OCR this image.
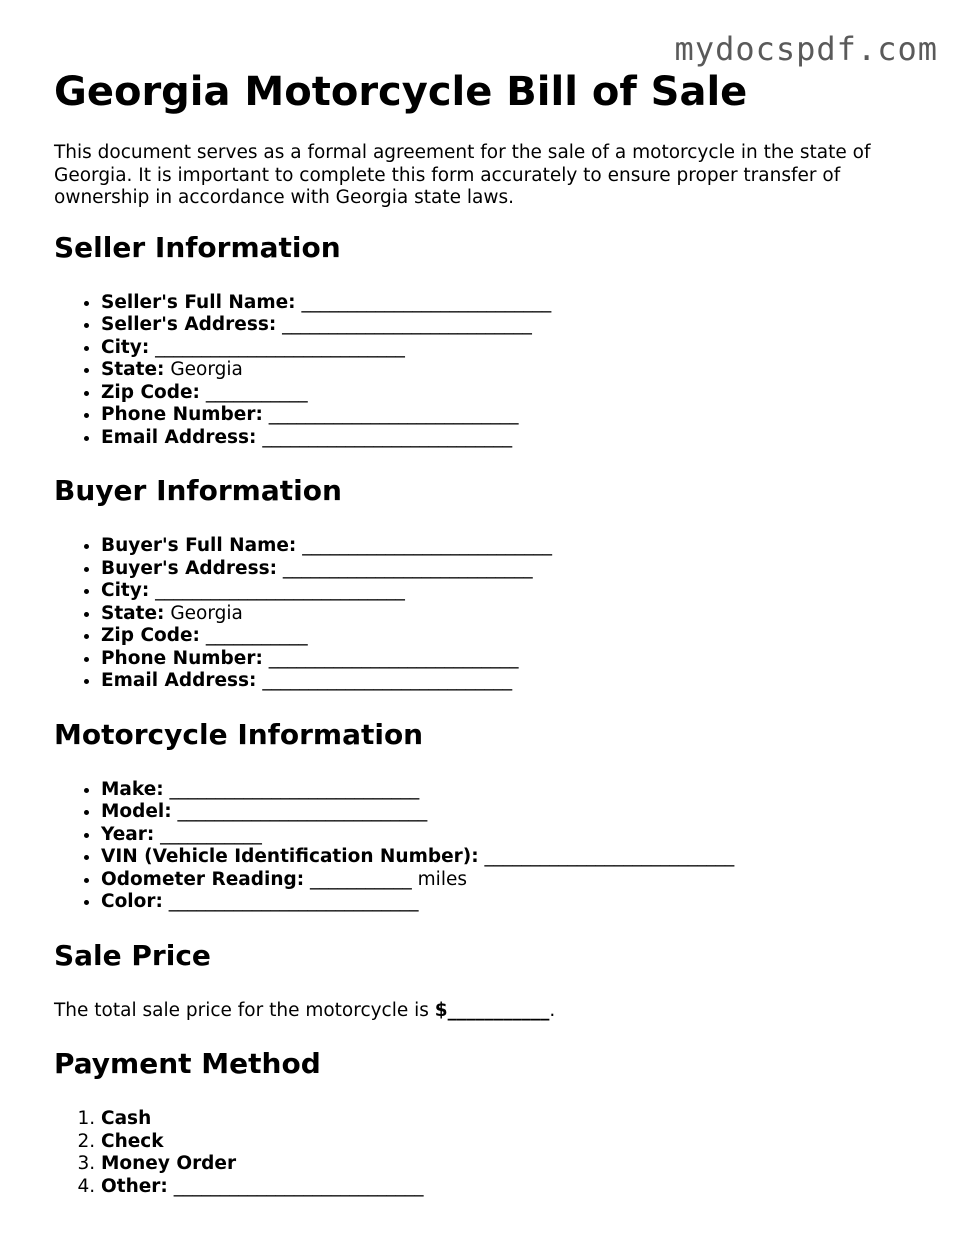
mydocspdf.com
Georgia Motorcycle Bill of Sale

This document serves as a formal agreement for the sale of a motorcycle in the state of Georgia. It is important to complete this form accurately to ensure proper transfer of ownership in accordance with Georgia state laws.

Seller Information
• Seller's Full Name: ___________________________
• Seller's Address: ___________________________
• City: ___________________________
• State: Georgia
• Zip Code: ___________
• Phone Number: ___________________________
• Email Address: ___________________________
Buyer Information
• Buyer's Full Name: ___________________________
• Buyer's Address: ___________________________
• City: ___________________________
• State: Georgia
• Zip Code: ___________
• Phone Number: ___________________________
• Email Address: ___________________________
Motorcycle Information
• Make: ___________________________
• Model: ___________________________
• Year: ___________
• VIN (Vehicle Identification Number): ___________________________
• Odometer Reading: ___________ miles
• Color: ___________________________
Sale Price

The total sale price for the motorcycle is $___________.

Payment Method
1. Cash
2. Check
3. Money Order
4. Other: ___________________________
